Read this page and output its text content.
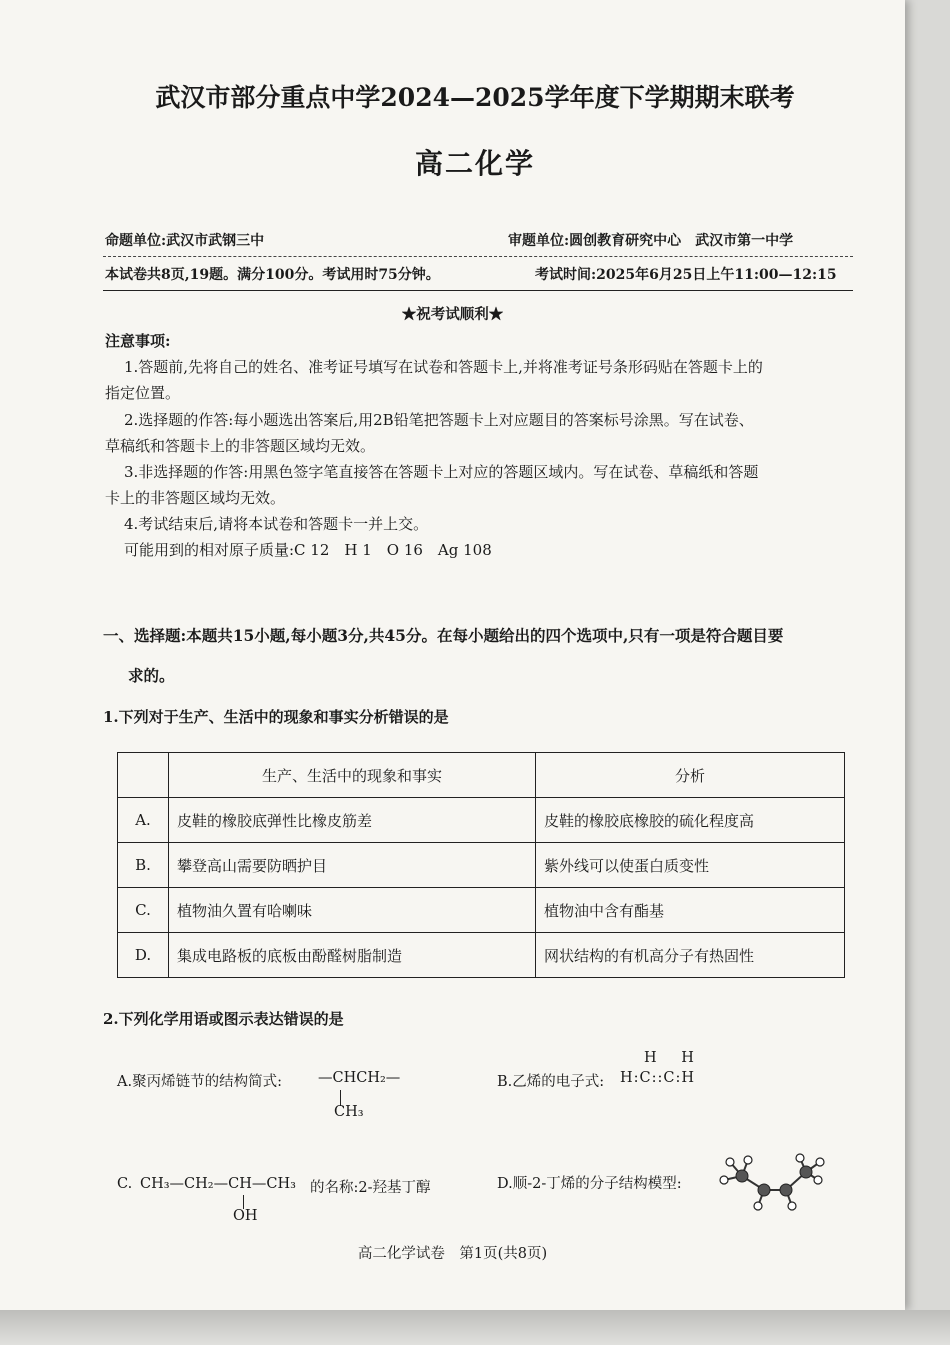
武汉市部分重点中学2024—2025学年度下学期期末联考
高二化学
命题单位:武汉市武钢三中	审题单位:圆创教育研究中心　武汉市第一中学
本试卷共8页,19题。满分100分。考试用时75分钟。	考试时间:2025年6月25日上午11:00—12:15
★祝考试顺利★
注意事项:
1.答题前,先将自己的姓名、准考证号填写在试卷和答题卡上,并将准考证号条形码贴在答题卡上的
指定位置。
2.选择题的作答:每小题选出答案后,用2B铅笔把答题卡上对应题目的答案标号涂黑。写在试卷、
草稿纸和答题卡上的非答题区域均无效。
3.非选择题的作答:用黑色签字笔直接答在答题卡上对应的答题区域内。写在试卷、草稿纸和答题
卡上的非答题区域均无效。
4.考试结束后,请将本试卷和答题卡一并上交。
可能用到的相对原子质量:C 12　H 1　O 16　Ag 108
一、选择题:本题共15小题,每小题3分,共45分。在每小题给出的四个选项中,只有一项是符合题目要
求的。
1.下列对于生产、生活中的现象和事实分析错误的是
	生产、生活中的现象和事实	分析
A.	皮鞋的橡胶底弹性比橡皮筋差	皮鞋的橡胶底橡胶的硫化程度高
B.	攀登高山需要防晒护目	紫外线可以使蛋白质变性
C.	植物油久置有哈喇味	植物油中含有酯基
D.	集成电路板的底板由酚醛树脂制造	网状结构的有机高分子有热固性
2.下列化学用语或图示表达错误的是
A.聚丙烯链节的结构简式: —CHCH₂—
CH₃
H H
B.乙烯的电子式: H:C::C:H
C. CH₃—CH₂—CH—CH₃
OH
的名称:2-羟基丁醇	D.顺-2-丁烯的分子结构模型:
高二化学试卷　第1页(共8页)
